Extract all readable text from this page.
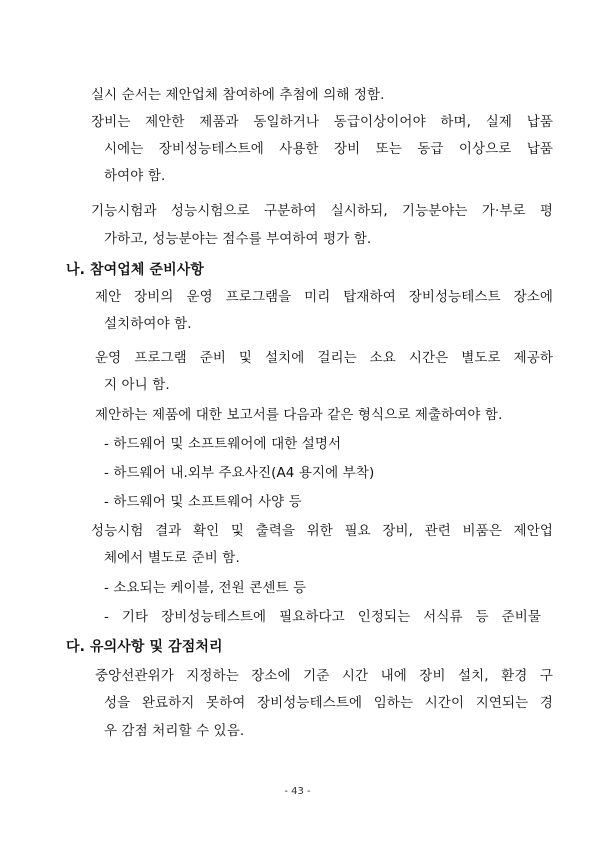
실시 순서는 제안업체 참여하에 추첨에 의해 정함.
장비는 제안한 제품과 동일하거나 동급이상이어야 하며, 실제 납품
시에는 장비성능테스트에 사용한 장비 또는 동급 이상으로 납품
하여야 함.
기능시험과 성능시험으로 구분하여 실시하되, 기능분야는 가·부로 평
가하고, 성능분야는 점수를 부여하여 평가 함.
나. 참여업체 준비사항
제안 장비의 운영 프로그램을 미리 탑재하여 장비성능테스트 장소에
설치하여야 함.
운영 프로그램 준비 및 설치에 걸리는 소요 시간은 별도로 제공하
지 아니 함.
제안하는 제품에 대한 보고서를 다음과 같은 형식으로 제출하여야 함.
- 하드웨어 및 소프트웨어에 대한 설명서
- 하드웨어 내.외부 주요사진(A4 용지에 부착)
- 하드웨어 및 소프트웨어 사양 등
성능시험 결과 확인 및 출력을 위한 필요 장비, 관련 비품은 제안업
체에서 별도로 준비 함.
- 소요되는 케이블, 전원 콘센트 등
- 기타 장비성능테스트에 필요하다고 인정되는 서식류 등 준비물
다. 유의사항 및 감점처리
중앙선관위가 지정하는 장소에 기준 시간 내에 장비 설치, 환경 구
성을 완료하지 못하여 장비성능테스트에 임하는 시간이 지연되는 경
우 감점 처리할 수 있음.
- 43 -
